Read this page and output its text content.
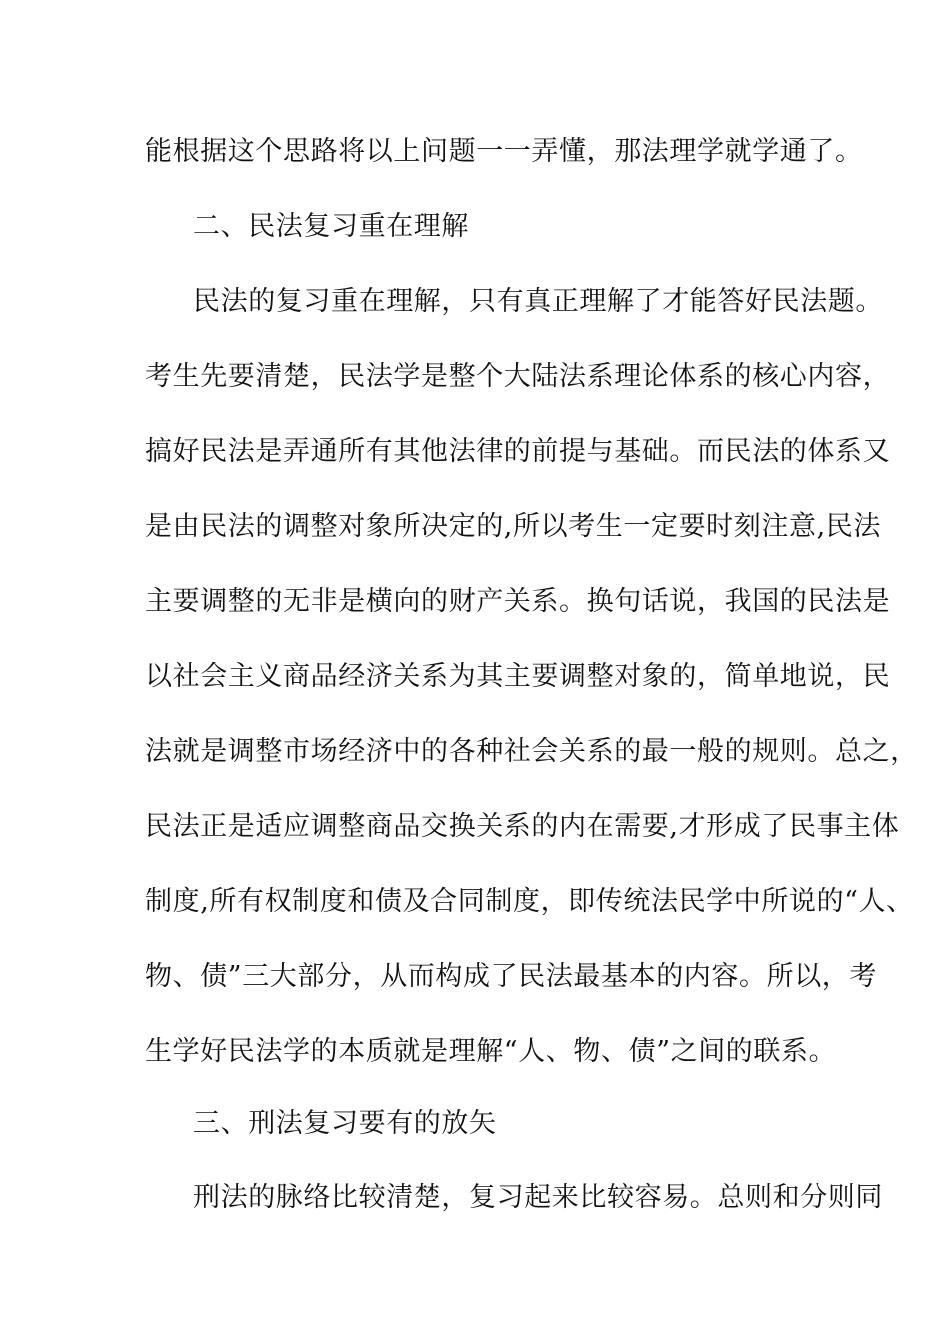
能根据这个思路将以上问题一一弄懂，那法理学就学通了。
二、民法复习重在理解
民法的复习重在理解，只有真正理解了才能答好民法题。
考生先要清楚，民法学是整个大陆法系理论体系的核心内容，
搞好民法是弄通所有其他法律的前提与基础。而民法的体系又
是由民法的调整对象所决定的,所以考生一定要时刻注意,民法
主要调整的无非是横向的财产关系。换句话说，我国的民法是
以社会主义商品经济关系为其主要调整对象的，简单地说，民
法就是调整市场经济中的各种社会关系的最一般的规则。总之，
民法正是适应调整商品交换关系的内在需要,才形成了民事主体
制度,所有权制度和债及合同制度，即传统法民学中所说的“人、
物、债”三大部分，从而构成了民法最基本的内容。所以，考
生学好民法学的本质就是理解“人、物、债”之间的联系。
三、刑法复习要有的放矢
刑法的脉络比较清楚，复习起来比较容易。总则和分则同
